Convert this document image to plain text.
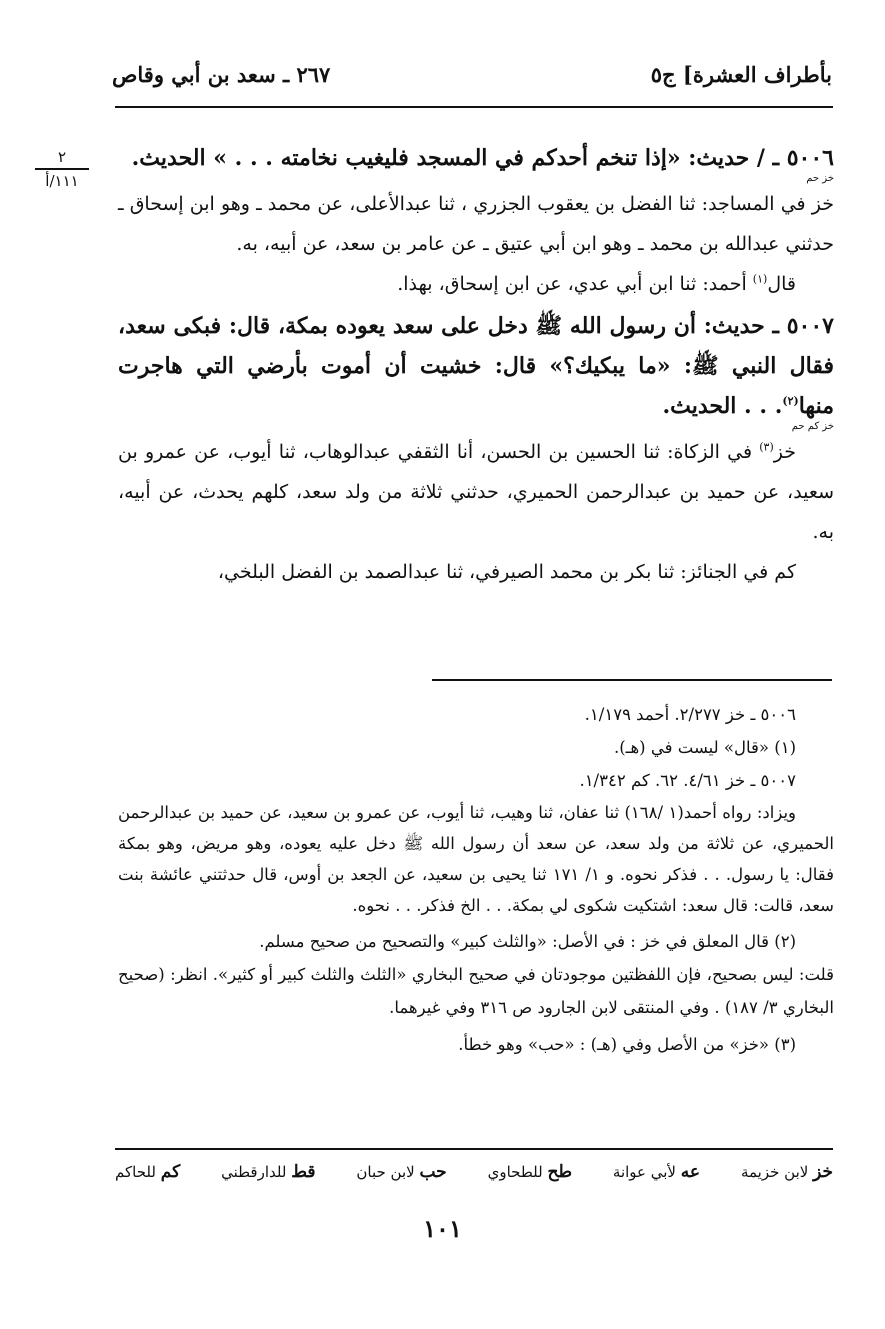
بأطراف العشرة] ج٥
٢٦٧ ـ سعد بن أبي وقاص
٢
١١١/أ

٥٠٠٦ ـ / حديث: «إذا تنخم أحدكم في المسجد فليغيب نخامته . . . » الحديث.

خز حم

خز في المساجد: ثنا الفضل بن يعقوب الجزري ، ثنا عبدالأعلى، عن محمد ـ وهو ابن إسحاق ـ حدثني عبدالله بن محمد ـ وهو ابن أبي عتيق ـ عن عامر بن سعد، عن أبيه، به.

قال$^{(١)}$ أحمد: ثنا ابن أبي عدي، عن ابن إسحاق، بهذا.

٥٠٠٧ ـ حديث: أن رسول الله ﷺ دخل على سعد يعوده بمكة، قال: فبكى سعد، فقال النبي ﷺ: «ما يبكيك؟» قال: خشيت أن أموت بأرضي التي هاجرت منها$^{(٢)}$. . . الحديث.

خز كم حم

خز$^{(٣)}$ في الزكاة: ثنا الحسين بن الحسن، أنا الثقفي عبدالوهاب، ثنا أيوب، عن عمرو بن سعيد، عن حميد بن عبدالرحمن الحميري، حدثني ثلاثة من ولد سعد، كلهم يحدث، عن أبيه، به.

كم في الجنائز: ثنا بكر بن محمد الصيرفي، ثنا عبدالصمد بن الفضل البلخي،

٥٠٠٦ ـ خز ٢/٢٧٧. أحمد ١/١٧٩.

(١) «قال» ليست في (هـ).

٥٠٠٧ ـ خز ٤/٦١. ٦٢. كم ١/٣٤٢.

ويزاد: رواه أحمد(١ /١٦٨) ثنا عفان، ثنا وهيب، ثنا أيوب، عن عمرو بن سعيد، عن حميد بن عبدالرحمن الحميري، عن ثلاثة من ولد سعد، عن سعد أن رسول الله ﷺ دخل عليه يعوده، وهو مريض، وهو بمكة فقال: يا رسول. . . فذكر نحوه. و ١/ ١٧١ ثنا يحيى بن سعيد، عن الجعد بن أوس، قال حدثتني عائشة بنت سعد، قالت: قال سعد: اشتكيت شكوى لي بمكة. . . الخ فذكر. . . نحوه.

(٢) قال المعلق في خز : في الأصل: «والثلث كبير» والتصحيح من صحيح مسلم.

قلت: ليس بصحيح، فإن اللفظتين موجودتان في صحيح البخاري «الثلث والثلث كبير أو كثير». انظر: (صحيح البخاري ٣/ ١٨٧) . وفي المنتقى لابن الجارود ص ٣١٦ وفي غيرهما.

(٣) «خز» من الأصل وفي (هـ) : «حب» وهو خطأ.

خز لابن خزيمة
عه لأبي عوانة
طح للطحاوي
حب لابن حبان
قط للدارقطني
كم للحاكم
١٠١
